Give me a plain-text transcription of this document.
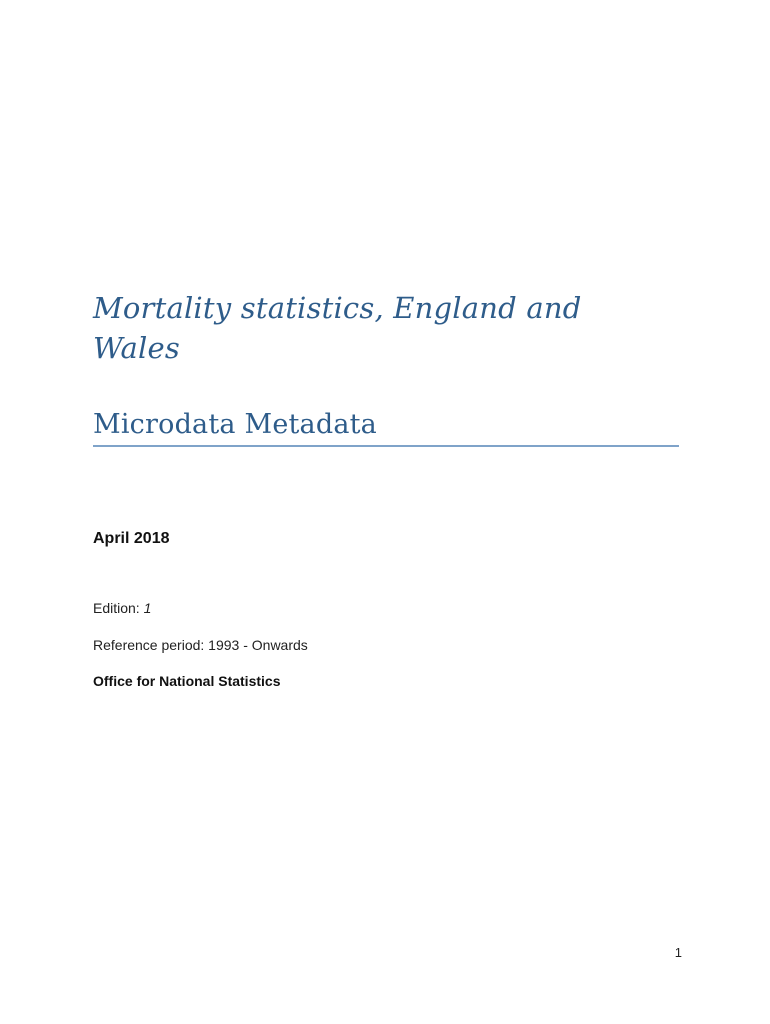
Mortality statistics, England and
Wales
Microdata Metadata
April 2018
Edition: 1
Reference period: 1993 - Onwards
Office for National Statistics
1
